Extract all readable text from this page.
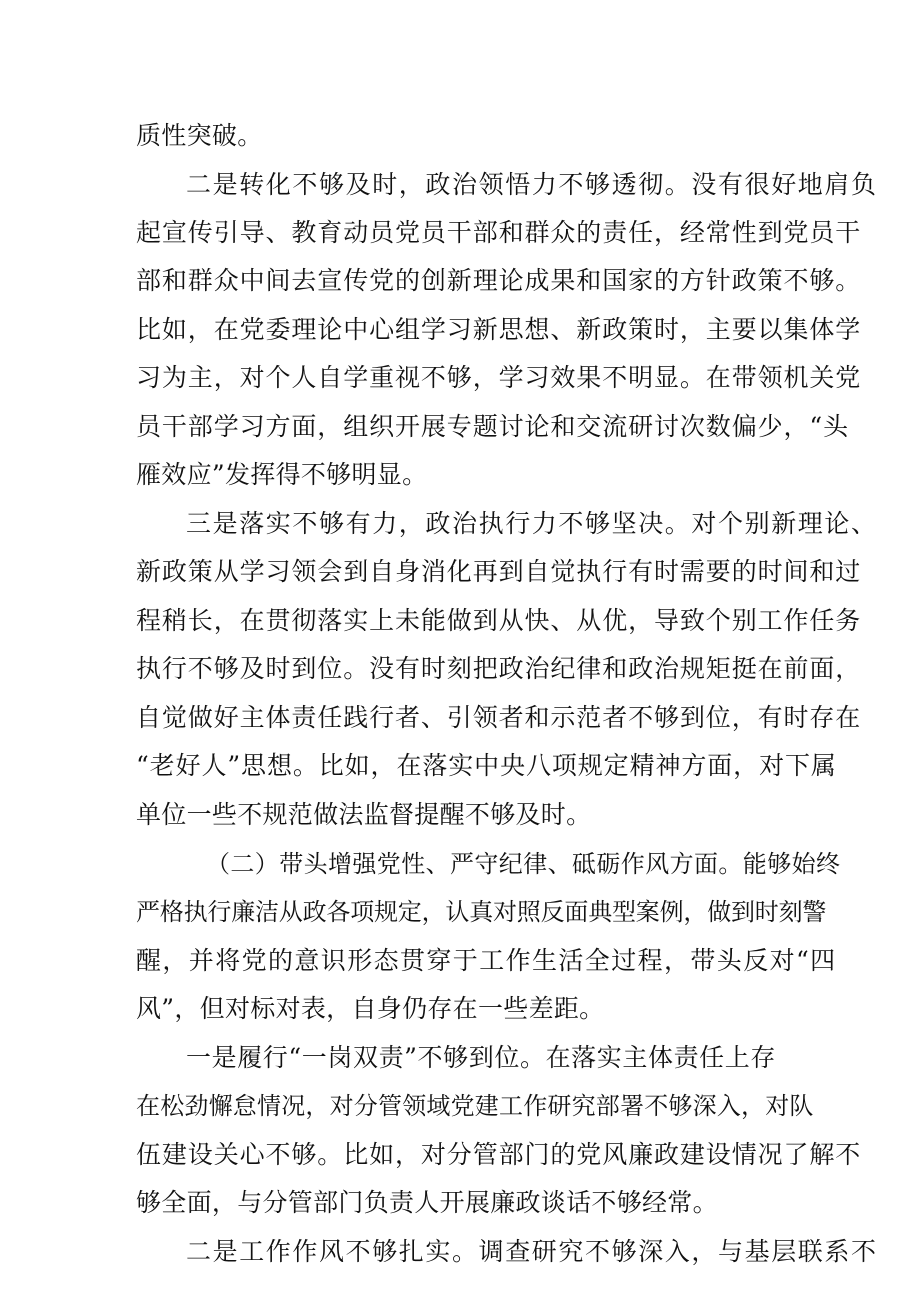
质性突破。
二是转化不够及时，政治领悟力不够透彻。没有很好地肩负
起宣传引导、教育动员党员干部和群众的责任，经常性到党员干
部和群众中间去宣传党的创新理论成果和国家的方针政策不够。
比如，在党委理论中心组学习新思想、新政策时，主要以集体学
习为主，对个人自学重视不够，学习效果不明显。在带领机关党
员干部学习方面，组织开展专题讨论和交流研讨次数偏少，“头
雁效应”发挥得不够明显。
三是落实不够有力，政治执行力不够坚决。对个别新理论、
新政策从学习领会到自身消化再到自觉执行有时需要的时间和过
程稍长，在贯彻落实上未能做到从快、从优，导致个别工作任务
执行不够及时到位。没有时刻把政治纪律和政治规矩挺在前面，
自觉做好主体责任践行者、引领者和示范者不够到位，有时存在
“老好人”思想。比如，在落实中央八项规定精神方面，对下属
单位一些不规范做法监督提醒不够及时。
（二）带头增强党性、严守纪律、砥砺作风方面。能够始终
严格执行廉洁从政各项规定，认真对照反面典型案例，做到时刻警
醒，并将党的意识形态贯穿于工作生活全过程，带头反对“四
风”，但对标对表，自身仍存在一些差距。
一是履行“一岗双责”不够到位。在落实主体责任上存
在松劲懈怠情况，对分管领域党建工作研究部署不够深入，对队
伍建设关心不够。比如，对分管部门的党风廉政建设情况了解不
够全面，与分管部门负责人开展廉政谈话不够经常。
二是工作作风不够扎实。调查研究不够深入，与基层联系不
